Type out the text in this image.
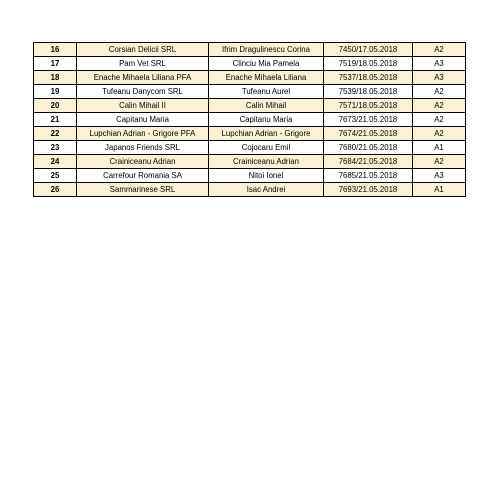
16	Corsian Delicii SRL	Ifrim Dragulinescu Corina	7450/17.05.2018	A2
17	Pam Vet SRL	Clinciu Mia Pamela	7519/18.05.2018	A3
18	Enache Mihaela Liliana PFA	Enache Mihaela Liliana	7537/18.05.2018	A3
19	Tufeanu Danycom SRL	Tufeanu Aurel	7539/18.05.2018	A2
20	Calin Mihail II	Calin Mihail	7571/18.05.2018	A2
21	Capitanu Maria	Capitanu Maria	7673/21.05.2018	A2
22	Lupchian Adrian - Grigore PFA	Lupchian Adrian - Grigore	7674/21.05.2018	A2
23	Japanos Friends SRL	Cojocaru Emil	7680/21.05.2018	A1
24	Crainiceanu Adrian	Crainiceanu Adrian	7684/21.05.2018	A2
25	Carrefour Romania SA	Nitoi Ionel	7685/21.05.2018	A3
26	Sammarinese SRL	Isac Andrei	7693/21.05.2018	A1
